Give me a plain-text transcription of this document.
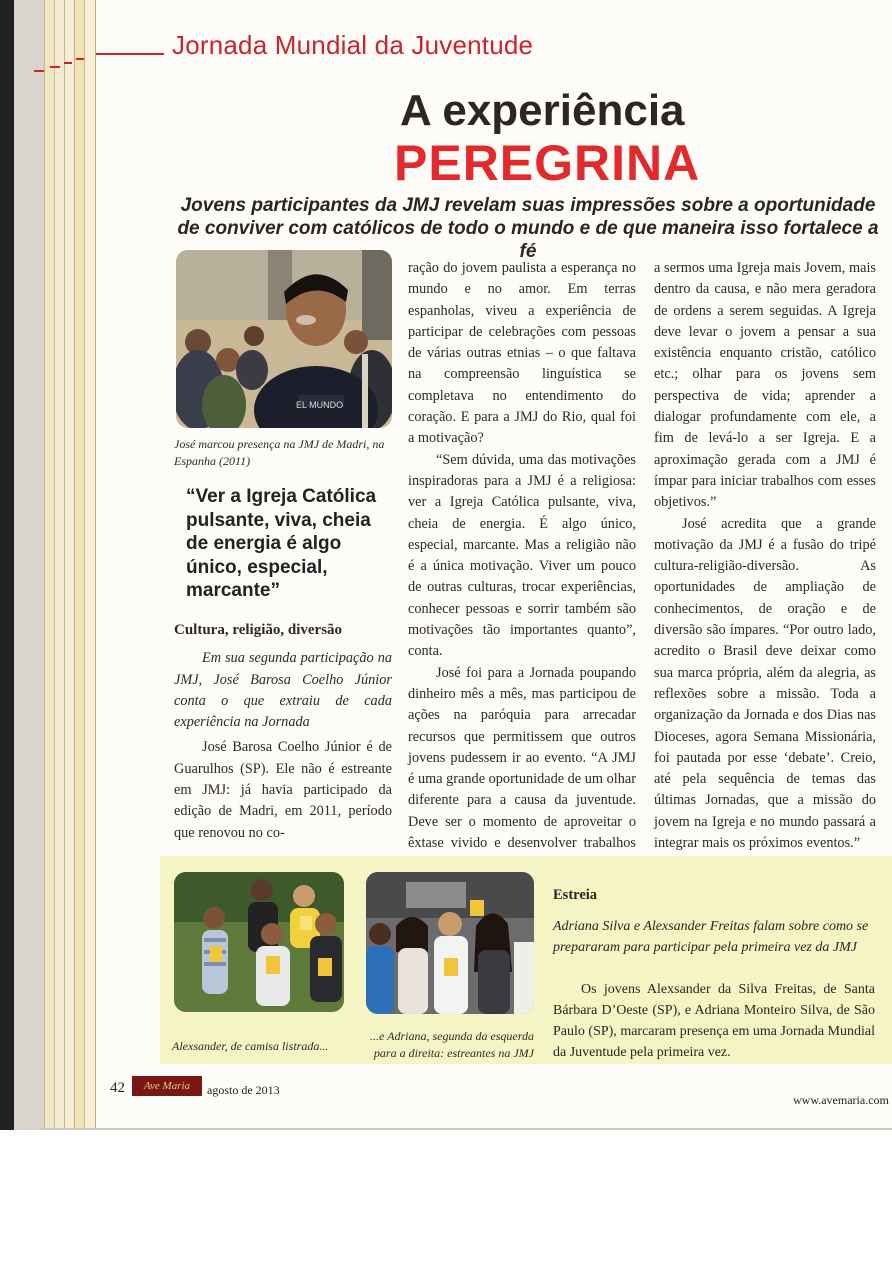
Jornada Mundial da Juventude
A experiência
PEREGRINA
Jovens participantes da JMJ revelam suas impressões sobre a oportunidade de conviver com católicos de todo o mundo e de que maneira isso fortalece a fé
EL MUNDO
José marcou presença na JMJ de Madri, na Espanha (2011)
“Ver a Igreja Católica pulsante, viva, cheia de energia é algo único, especial, marcante”
Cultura, religião, diversão
Em sua segunda participação na JMJ, José Barosa Coelho Júnior conta o que extraiu de cada experiência na Jornada

José Barosa Coelho Júnior é de Guarulhos (SP). Ele não é estreante em JMJ: já havia participado da edição de Madri, em 2011, período que renovou no co-

ração do jovem paulista a esperança no mundo e no amor. Em terras espanholas, viveu a experiência de participar de celebrações com pessoas de várias outras etnias – o que faltava na compreensão linguística se completava no entendimento do coração. E para a JMJ do Rio, qual foi a motivação?

“Sem dúvida, uma das motivações inspiradoras para a JMJ é a religiosa: ver a Igreja Católica pulsante, viva, cheia de energia. É algo único, especial, marcante. Mas a religião não é a única motivação. Viver um pouco de outras culturas, trocar experiências, conhecer pessoas e sorrir também são motivações tão importantes quanto”, conta.

José foi para a Jornada poupando dinheiro mês a mês, mas participou de ações na paróquia para arrecadar recursos que permitissem que outros jovens pudessem ir ao evento. “A JMJ é uma grande oportunidade de um olhar diferente para a causa da juventude. Deve ser o momento de aproveitar o êxtase vivido e desenvolver trabalhos

a sermos uma Igreja mais Jovem, mais dentro da causa, e não mera geradora de ordens a serem seguidas. A Igreja deve levar o jovem a pensar a sua existência enquanto cristão, católico etc.; olhar para os jovens sem perspectiva de vida; aprender a dialogar profundamente com ele, a fim de levá-lo a ser Igreja. E a aproximação gerada com a JMJ é ímpar para iniciar trabalhos com esses objetivos.”

José acredita que a grande motivação da JMJ é a fusão do tripé cultura-religião-diversão. As oportunidades de ampliação de conhecimentos, de oração e de diversão são ímpares. “Por outro lado, acredito o Brasil deve deixar como sua marca própria, além da alegria, as reflexões sobre a missão. Toda a organização da Jornada e dos Dias nas Dioceses, agora Semana Missionária, foi pautada por esse ‘debate’. Creio, até pela sequência de temas das últimas Jornadas, que a missão do jovem na Igreja e no mundo passará a integrar mais os próximos eventos.”

Alexsander, de camisa listrada...
...e Adriana, segunda da esquerda para a direita: estreantes na JMJ
Estreia
Adriana Silva e Alexsander Freitas falam sobre como se prepararam para participar pela primeira vez da JMJ
Os jovens Alexsander da Silva Freitas, de Santa Bárbara D’Oeste (SP), e Adriana Monteiro Silva, de São Paulo (SP), marcaram presença em uma Jornada Mundial da Juventude pela primeira vez.
42	Ave Maria	agosto de 2013
www.avemaria.com
